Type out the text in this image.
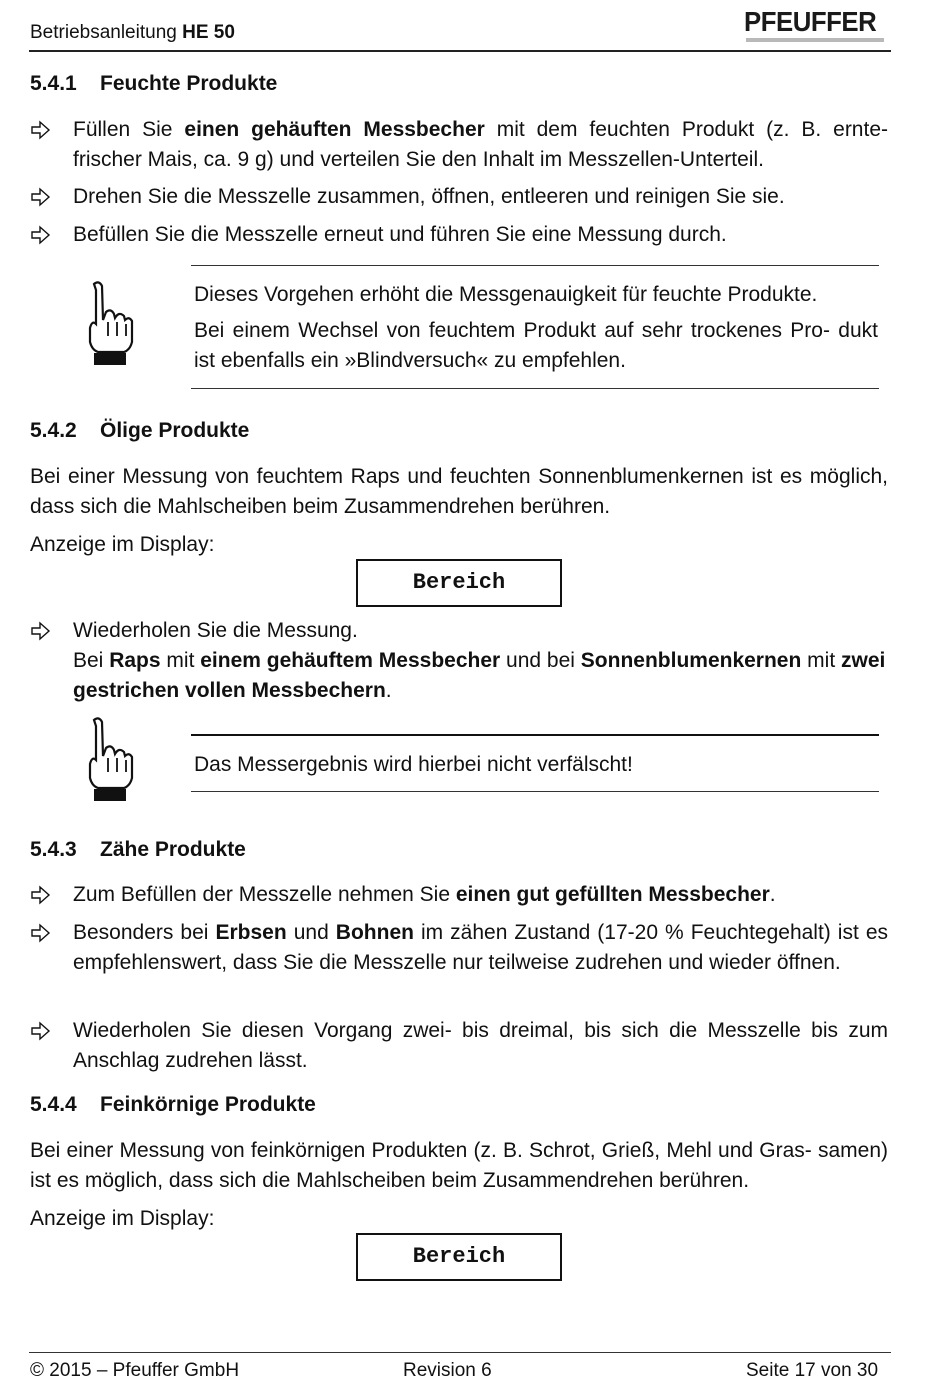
Betriebsanleitung HE 50	PFEUFFER
5.4.1 Feuchte Produkte
Füllen Sie einen gehäuften Messbecher mit dem feuchten Produkt (z. B. ernte- frischer Mais, ca. 9 g) und verteilen Sie den Inhalt im Messzellen-Unterteil.
Drehen Sie die Messzelle zusammen, öffnen, entleeren und reinigen Sie sie.
Befüllen Sie die Messzelle erneut und führen Sie eine Messung durch.
Dieses Vorgehen erhöht die Messgenauigkeit für feuchte Produkte.
Bei einem Wechsel von feuchtem Produkt auf sehr trockenes Pro- dukt ist ebenfalls ein »Blindversuch« zu empfehlen.
5.4.2 Ölige Produkte
Bei einer Messung von feuchtem Raps und feuchten Sonnenblumenkernen ist es möglich, dass sich die Mahlscheiben beim Zusammendrehen berühren.
Anzeige im Display:
Bereich
Wiederholen Sie die Messung.
Bei Raps mit einem gehäuftem Messbecher und bei Sonnenblumenkernen mit zwei gestrichen vollen Messbechern.
Das Messergebnis wird hierbei nicht verfälscht!
5.4.3 Zähe Produkte
Zum Befüllen der Messzelle nehmen Sie einen gut gefüllten Messbecher.
Besonders bei Erbsen und Bohnen im zähen Zustand (17-20 % Feuchtegehalt) ist es empfehlenswert, dass Sie die Messzelle nur teilweise zudrehen und wieder öffnen.
Wiederholen Sie diesen Vorgang zwei- bis dreimal, bis sich die Messzelle bis zum Anschlag zudrehen lässt.
5.4.4 Feinkörnige Produkte
Bei einer Messung von feinkörnigen Produkten (z. B. Schrot, Grieß, Mehl und Gras- samen) ist es möglich, dass sich die Mahlscheiben beim Zusammendrehen berühren.
Anzeige im Display:
Bereich
© 2015 – Pfeuffer GmbH	Revision 6	Seite 17 von 30
